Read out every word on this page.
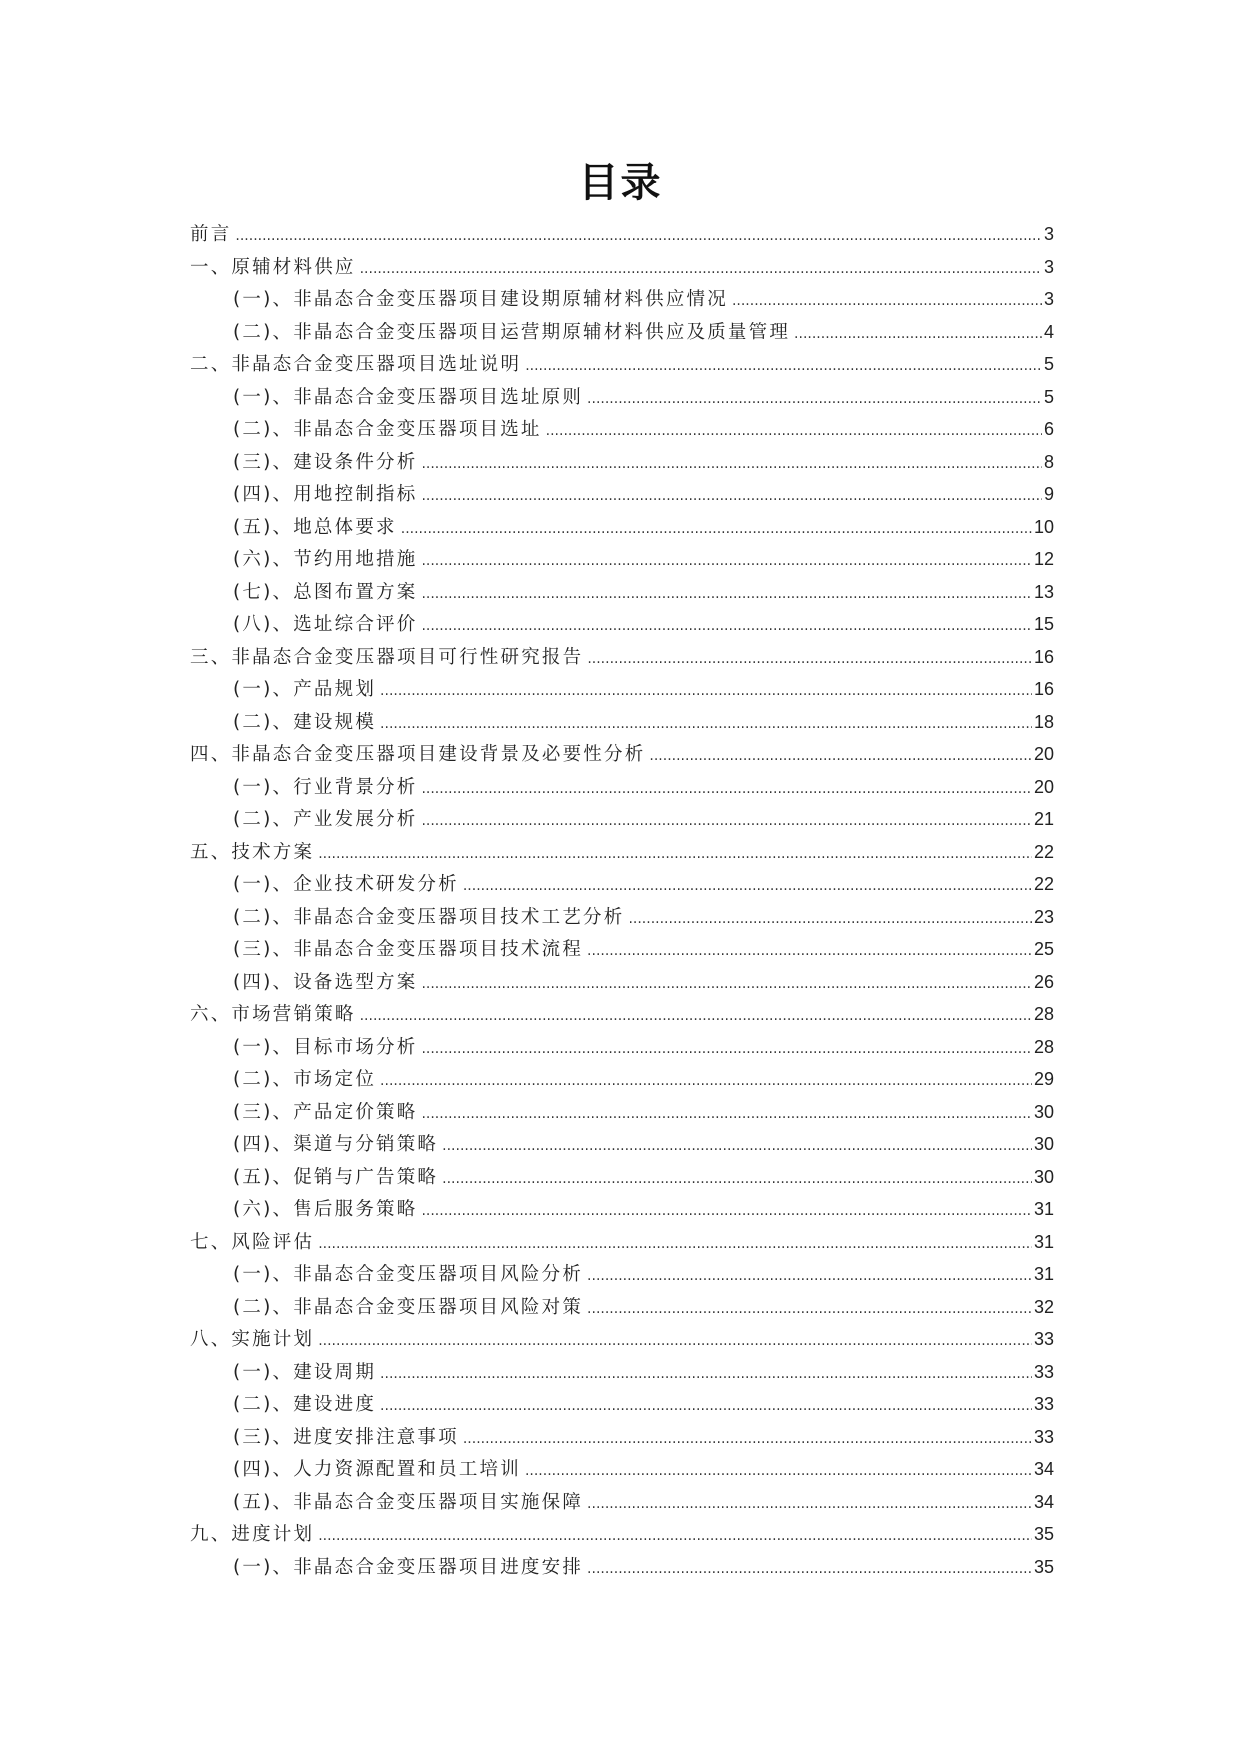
目录
前言 .....	3
一、原辅材料供应 .....	3
(一)、非晶态合金变压器项目建设期原辅材料供应情况 .....	3
(二)、非晶态合金变压器项目运营期原辅材料供应及质量管理 .....	4
二、非晶态合金变压器项目选址说明 .....	5
(一)、非晶态合金变压器项目选址原则 .....	5
(二)、非晶态合金变压器项目选址 .....	6
(三)、建设条件分析 .....	8
(四)、用地控制指标 .....	9
(五)、地总体要求 .....	10
(六)、节约用地措施 .....	12
(七)、总图布置方案 .....	13
(八)、选址综合评价 .....	15
三、非晶态合金变压器项目可行性研究报告 .....	16
(一)、产品规划 .....	16
(二)、建设规模 .....	18
四、非晶态合金变压器项目建设背景及必要性分析 .....	20
(一)、行业背景分析 .....	20
(二)、产业发展分析 .....	21
五、技术方案 .....	22
(一)、企业技术研发分析 .....	22
(二)、非晶态合金变压器项目技术工艺分析 .....	23
(三)、非晶态合金变压器项目技术流程 .....	25
(四)、设备选型方案 .....	26
六、市场营销策略 .....	28
(一)、目标市场分析 .....	28
(二)、市场定位 .....	29
(三)、产品定价策略 .....	30
(四)、渠道与分销策略 .....	30
(五)、促销与广告策略 .....	30
(六)、售后服务策略 .....	31
七、风险评估 .....	31
(一)、非晶态合金变压器项目风险分析 .....	31
(二)、非晶态合金变压器项目风险对策 .....	32
八、实施计划 .....	33
(一)、建设周期 .....	33
(二)、建设进度 .....	33
(三)、进度安排注意事项 .....	33
(四)、人力资源配置和员工培训 .....	34
(五)、非晶态合金变压器项目实施保障 .....	34
九、进度计划 .....	35
(一)、非晶态合金变压器项目进度安排 .....	35
